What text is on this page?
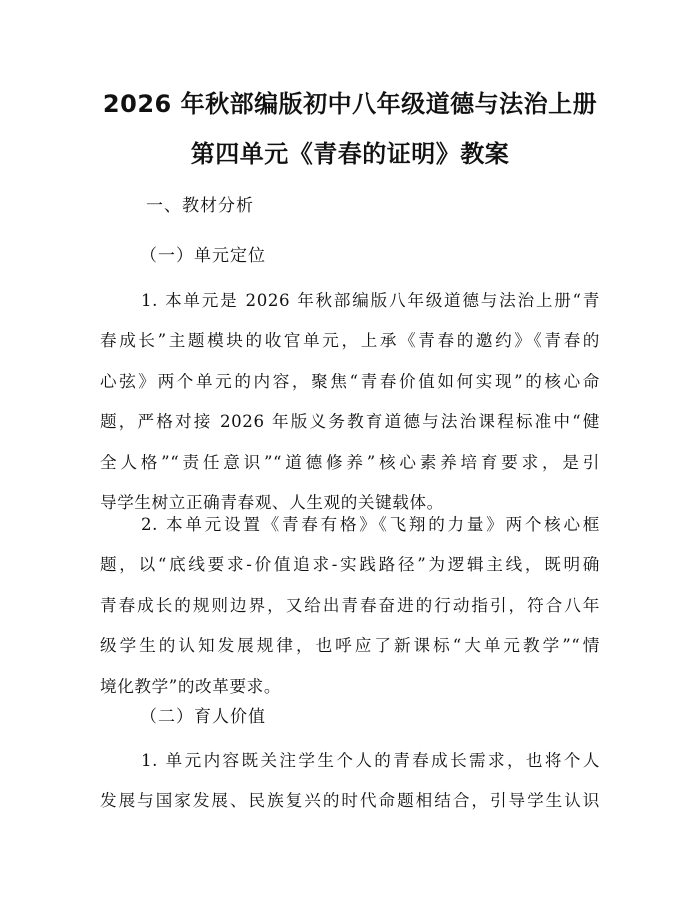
2026 年秋部编版初中八年级道德与法治上册
第四单元《青春的证明》教案
一、教材分析
（一）单元定位
1. 本单元是 2026 年秋部编版八年级道德与法治上册“青
春成长”主题模块的收官单元，上承《青春的邀约》《青春的
心弦》两个单元的内容，聚焦“青春价值如何实现”的核心命
题，严格对接 2026 年版义务教育道德与法治课程标准中“健
全人格”“责任意识”“道德修养”核心素养培育要求，是引
导学生树立正确青春观、人生观的关键载体。
2. 本单元设置《青春有格》《飞翔的力量》两个核心框
题，以“底线要求-价值追求-实践路径”为逻辑主线，既明确
青春成长的规则边界，又给出青春奋进的行动指引，符合八年
级学生的认知发展规律，也呼应了新课标“大单元教学”“情
境化教学”的改革要求。
（二）育人价值
1. 单元内容既关注学生个人的青春成长需求，也将个人
发展与国家发展、民族复兴的时代命题相结合，引导学生认识
